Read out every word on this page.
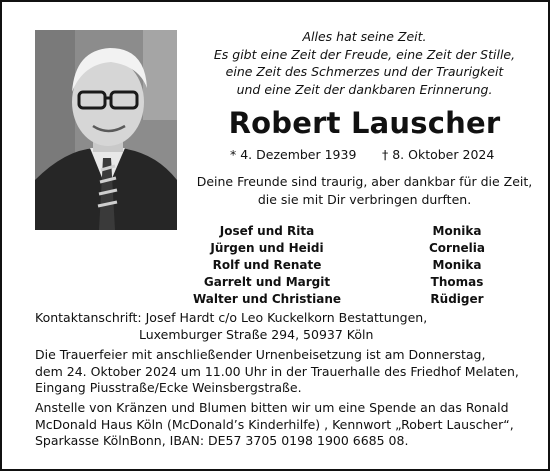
Alles hat seine Zeit.
Es gibt eine Zeit der Freude, eine Zeit der Stille,
eine Zeit des Schmerzes und der Traurigkeit
und eine Zeit der dankbaren Erinnerung.
Robert Lauscher
* 4. Dezember 1939 † 8. Oktober 2024
Deine Freunde sind traurig, aber dankbar für die Zeit,
die sie mit Dir verbringen durften.
Josef und Rita
Jürgen und Heidi
Rolf und Renate
Garrelt und Margit
Walter und Christiane
Monika
Cornelia
Monika
Thomas
Rüdiger
Kontaktanschrift: Josef Hardt c/o Leo Kuckelkorn Bestattungen,
Luxemburger Straße 294, 50937 Köln
Die Trauerfeier mit anschließender Urnenbeisetzung ist am Donnerstag,
dem 24. Oktober 2024 um 11.00 Uhr in der Trauerhalle des Friedhof Melaten,
Eingang Piusstraße/Ecke Weinsbergstraße.
Anstelle von Kränzen und Blumen bitten wir um eine Spende an das Ronald
McDonald Haus Köln (McDonald’s Kinderhilfe) , Kennwort „Robert Lauscher“,
Sparkasse KölnBonn, IBAN: DE57 3705 0198 1900 6685 08.
